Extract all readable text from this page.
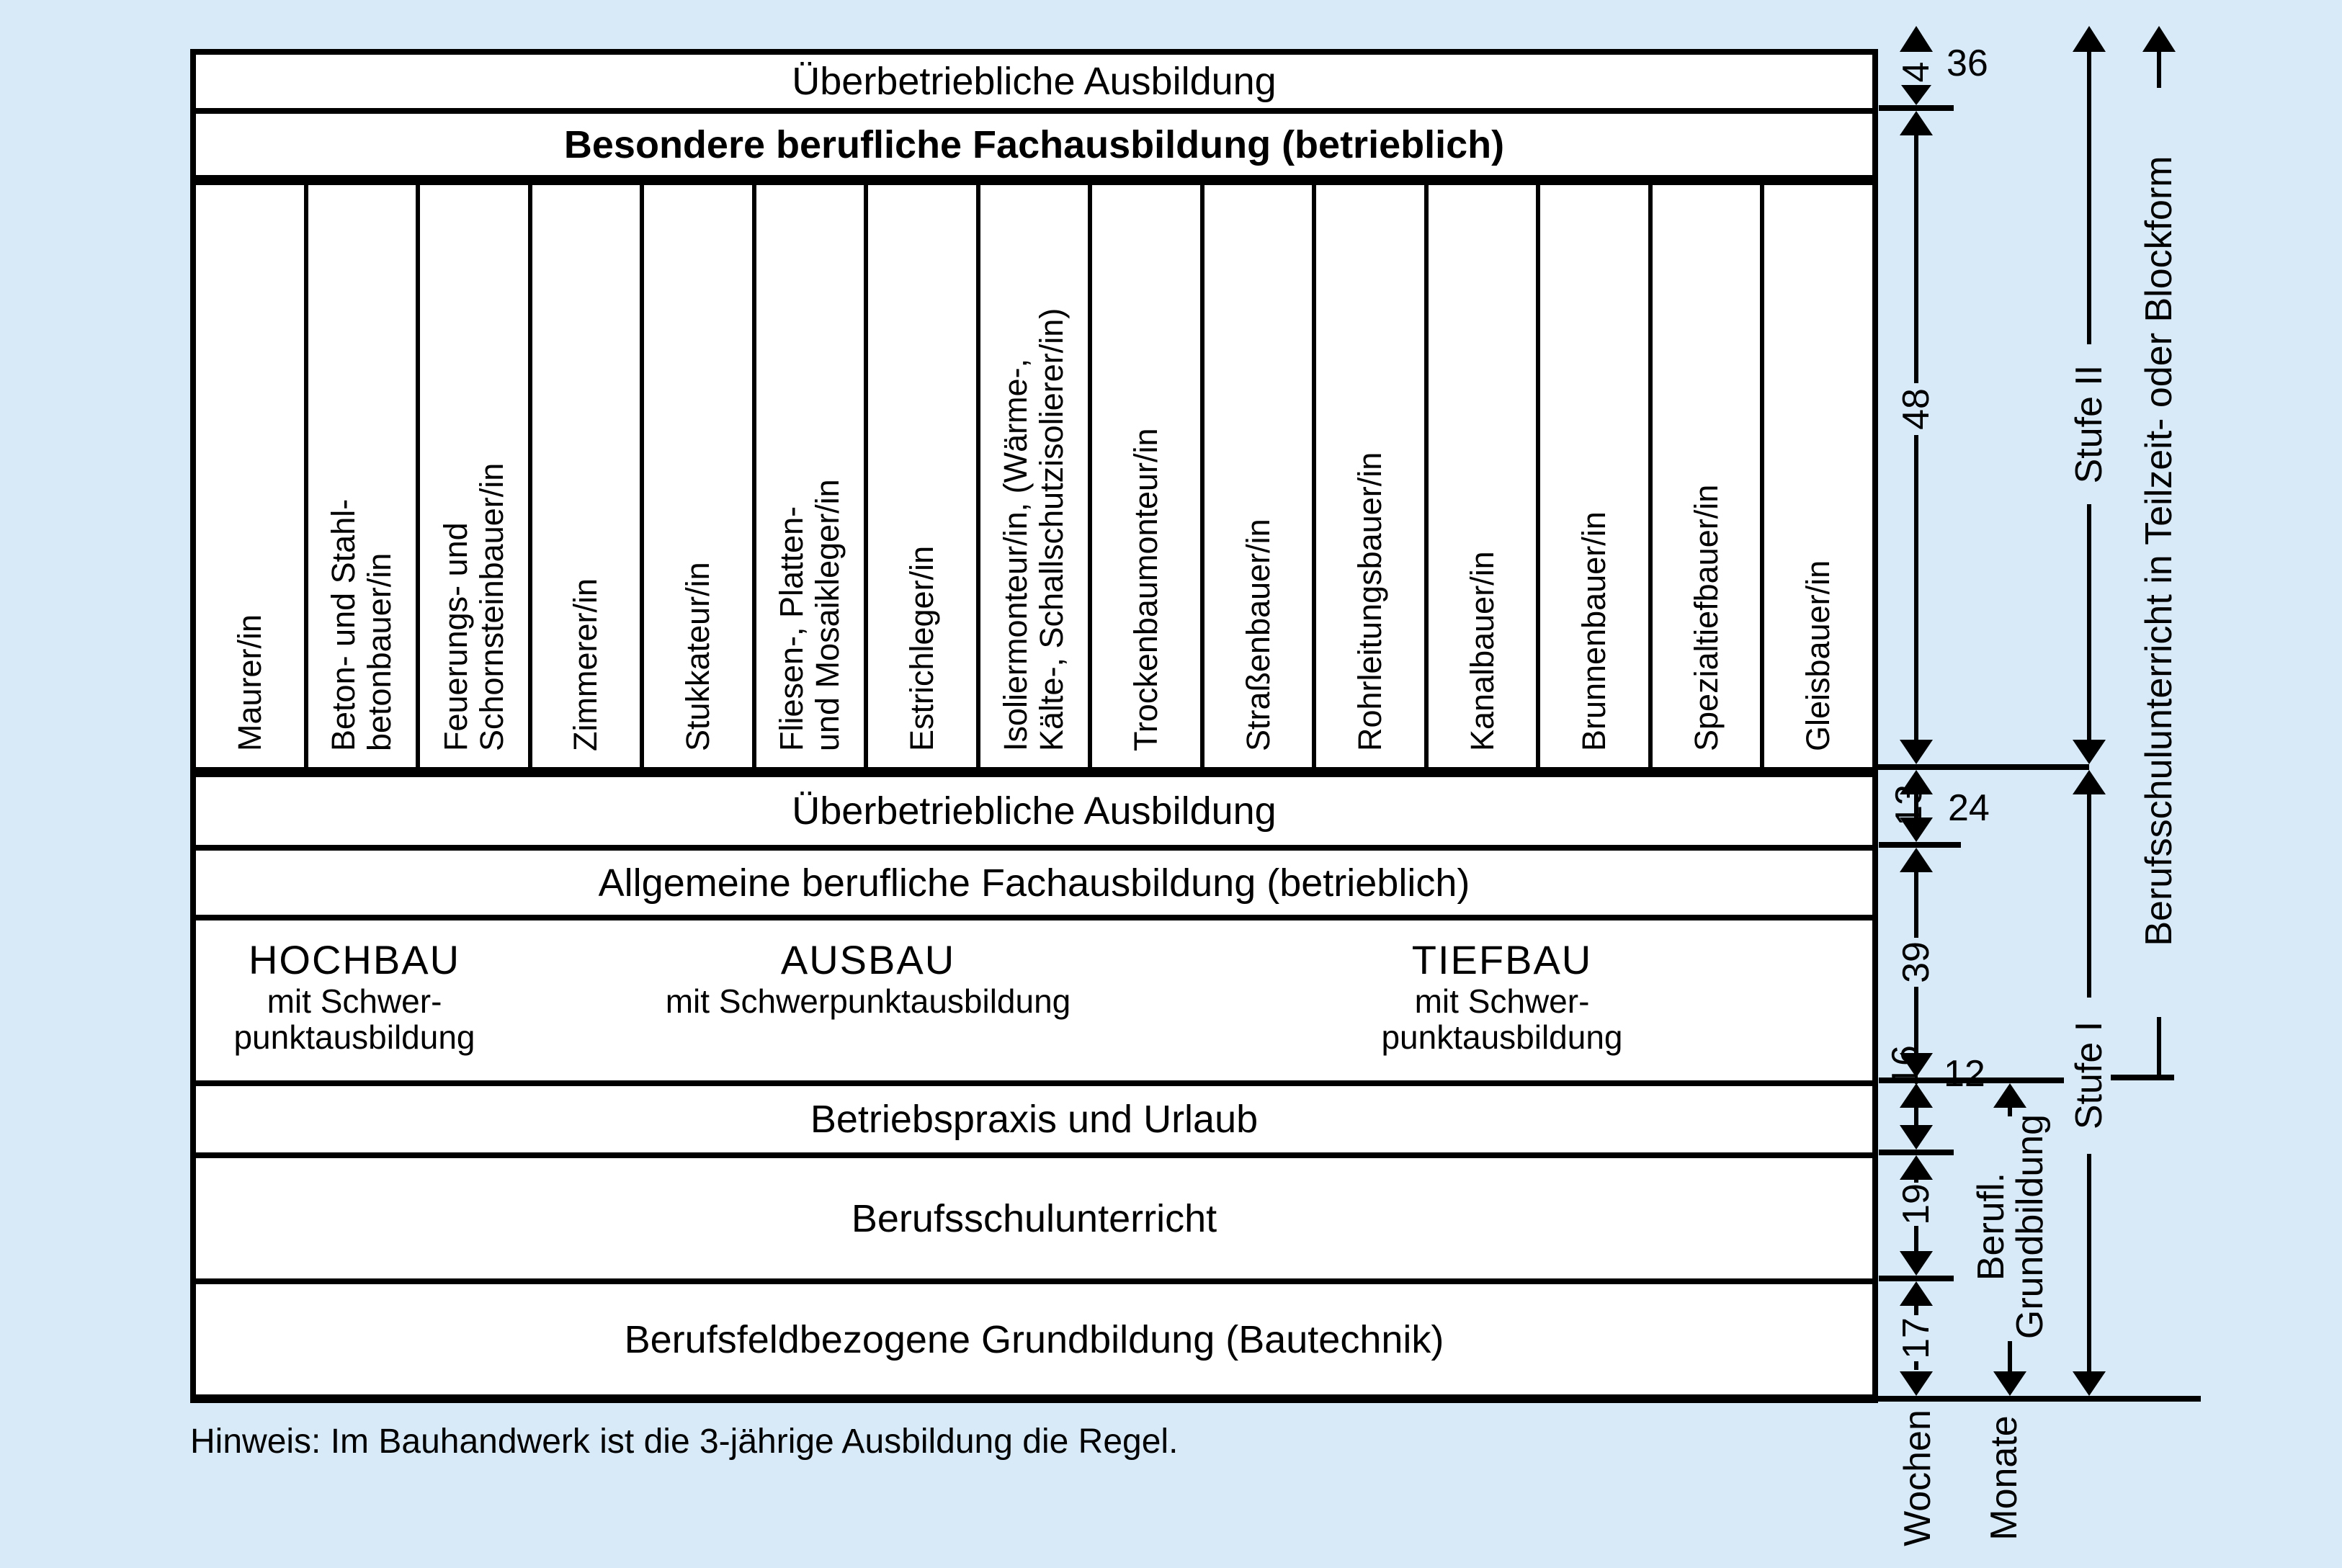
Überbetriebliche Ausbildung
Besondere berufliche Fachausbildung (betrieblich)
Maurer/in Beton- und Stahl- betonbauer/in Feuerungs- und Schornsteinbauer/in Zimmerer/in Stukkateur/in Fliesen-, Platten- und Mosaikleger/in Estrichleger/in Isoliermonteur/in, (Wärme-, Kälte-, Schallschutzisolierer/in) Trockenbaumonteur/in Straßenbauer/in Rohrleitungsbauer/in Kanalbauer/in Brunnenbauer/in Spezialtiefbauer/in Gleisbauer/in
Überbetriebliche Ausbildung
Allgemeine berufliche Fachausbildung (betrieblich)
HOCHBAU
mit Schwer-
punktausbildung
AUSBAU
mit Schwerpunktausbildung
TIEFBAU
mit Schwer-
punktausbildung
Betriebspraxis und Urlaub
Berufsschulunterricht
Berufsfeldbezogene Grundbildung (Bautechnik)
4
48
13
39
16
19
17
36
24
12
Berufl.
Grundbildung
Stufe II
Stufe I
Berufsschulunterricht in Teilzeit- oder Blockform
Wochen Monate
Hinweis: Im Bauhandwerk ist die 3-jährige Ausbildung die Regel.
